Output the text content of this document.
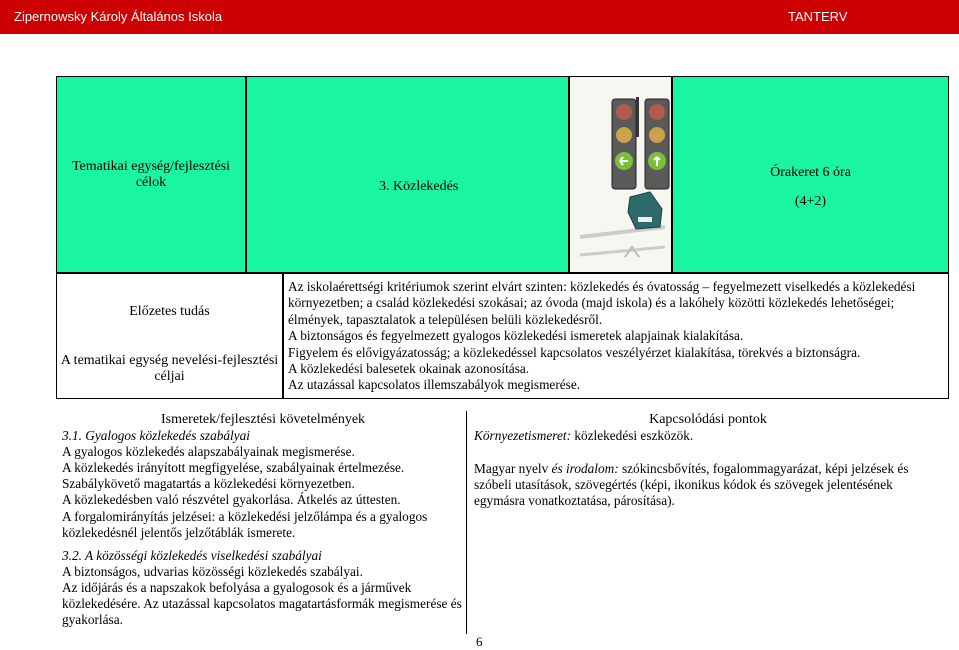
Zipernowsky Károly Általános Iskola	TANTERV
Tematikai egység/fejlesztési célok	3. Közlekedés
Órakeret 6 óra
(4+2)
Előzetes tudás
A tematikai egység nevelési-fejlesztési céljai

Az iskolaérettségi kritériumok szerint elvárt szinten: közlekedés és óvatosság – fegyelmezett viselkedés a közlekedési környezetben; a család közlekedési szokásai; az óvoda (majd iskola) és a lakóhely közötti közlekedés lehetőségei; élmények, tapasztalatok a településen belüli közlekedésről.

A biztonságos és fegyelmezett gyalogos közlekedési ismeretek alapjainak kialakítása.

Figyelem és elővigyázatosság; a közlekedéssel kapcsolatos veszélyérzet kialakítása, törekvés a biztonságra.

A közlekedési balesetek okainak azonosítása.

Az utazással kapcsolatos illemszabályok megismerése.

Ismeretek/fejlesztési követelmények

3.1. Gyalogos közlekedés szabályai

A gyalogos közlekedés alapszabályainak megismerése.

A közlekedés irányított megfigyelése, szabályainak értelmezése.

Szabálykövető magatartás a közlekedési környezetben.

A közlekedésben való részvétel gyakorlása. Átkelés az úttesten.

A forgalomirányítás jelzései: a közlekedési jelzőlámpa és a gyalogos közlekedésnél jelentős jelzőtáblák ismerete.

3.2. A közösségi közlekedés viselkedési szabályai

A biztonságos, udvarias közösségi közlekedés szabályai.

Az időjárás és a napszakok befolyása a gyalogosok és a járművek közlekedésére. Az utazással kapcsolatos magatartásformák megismerése és gyakorlása.

Kapcsolódási pontok

Környezetismeret: közlekedési eszközök.

Magyar nyelv és irodalom: szókincsbővítés, fogalommagyarázat, képi jelzések és szóbeli utasítások, szövegértés (képi, ikonikus kódok és szövegek jelentésének egymásra vonatkoztatása, párosítása).

6
